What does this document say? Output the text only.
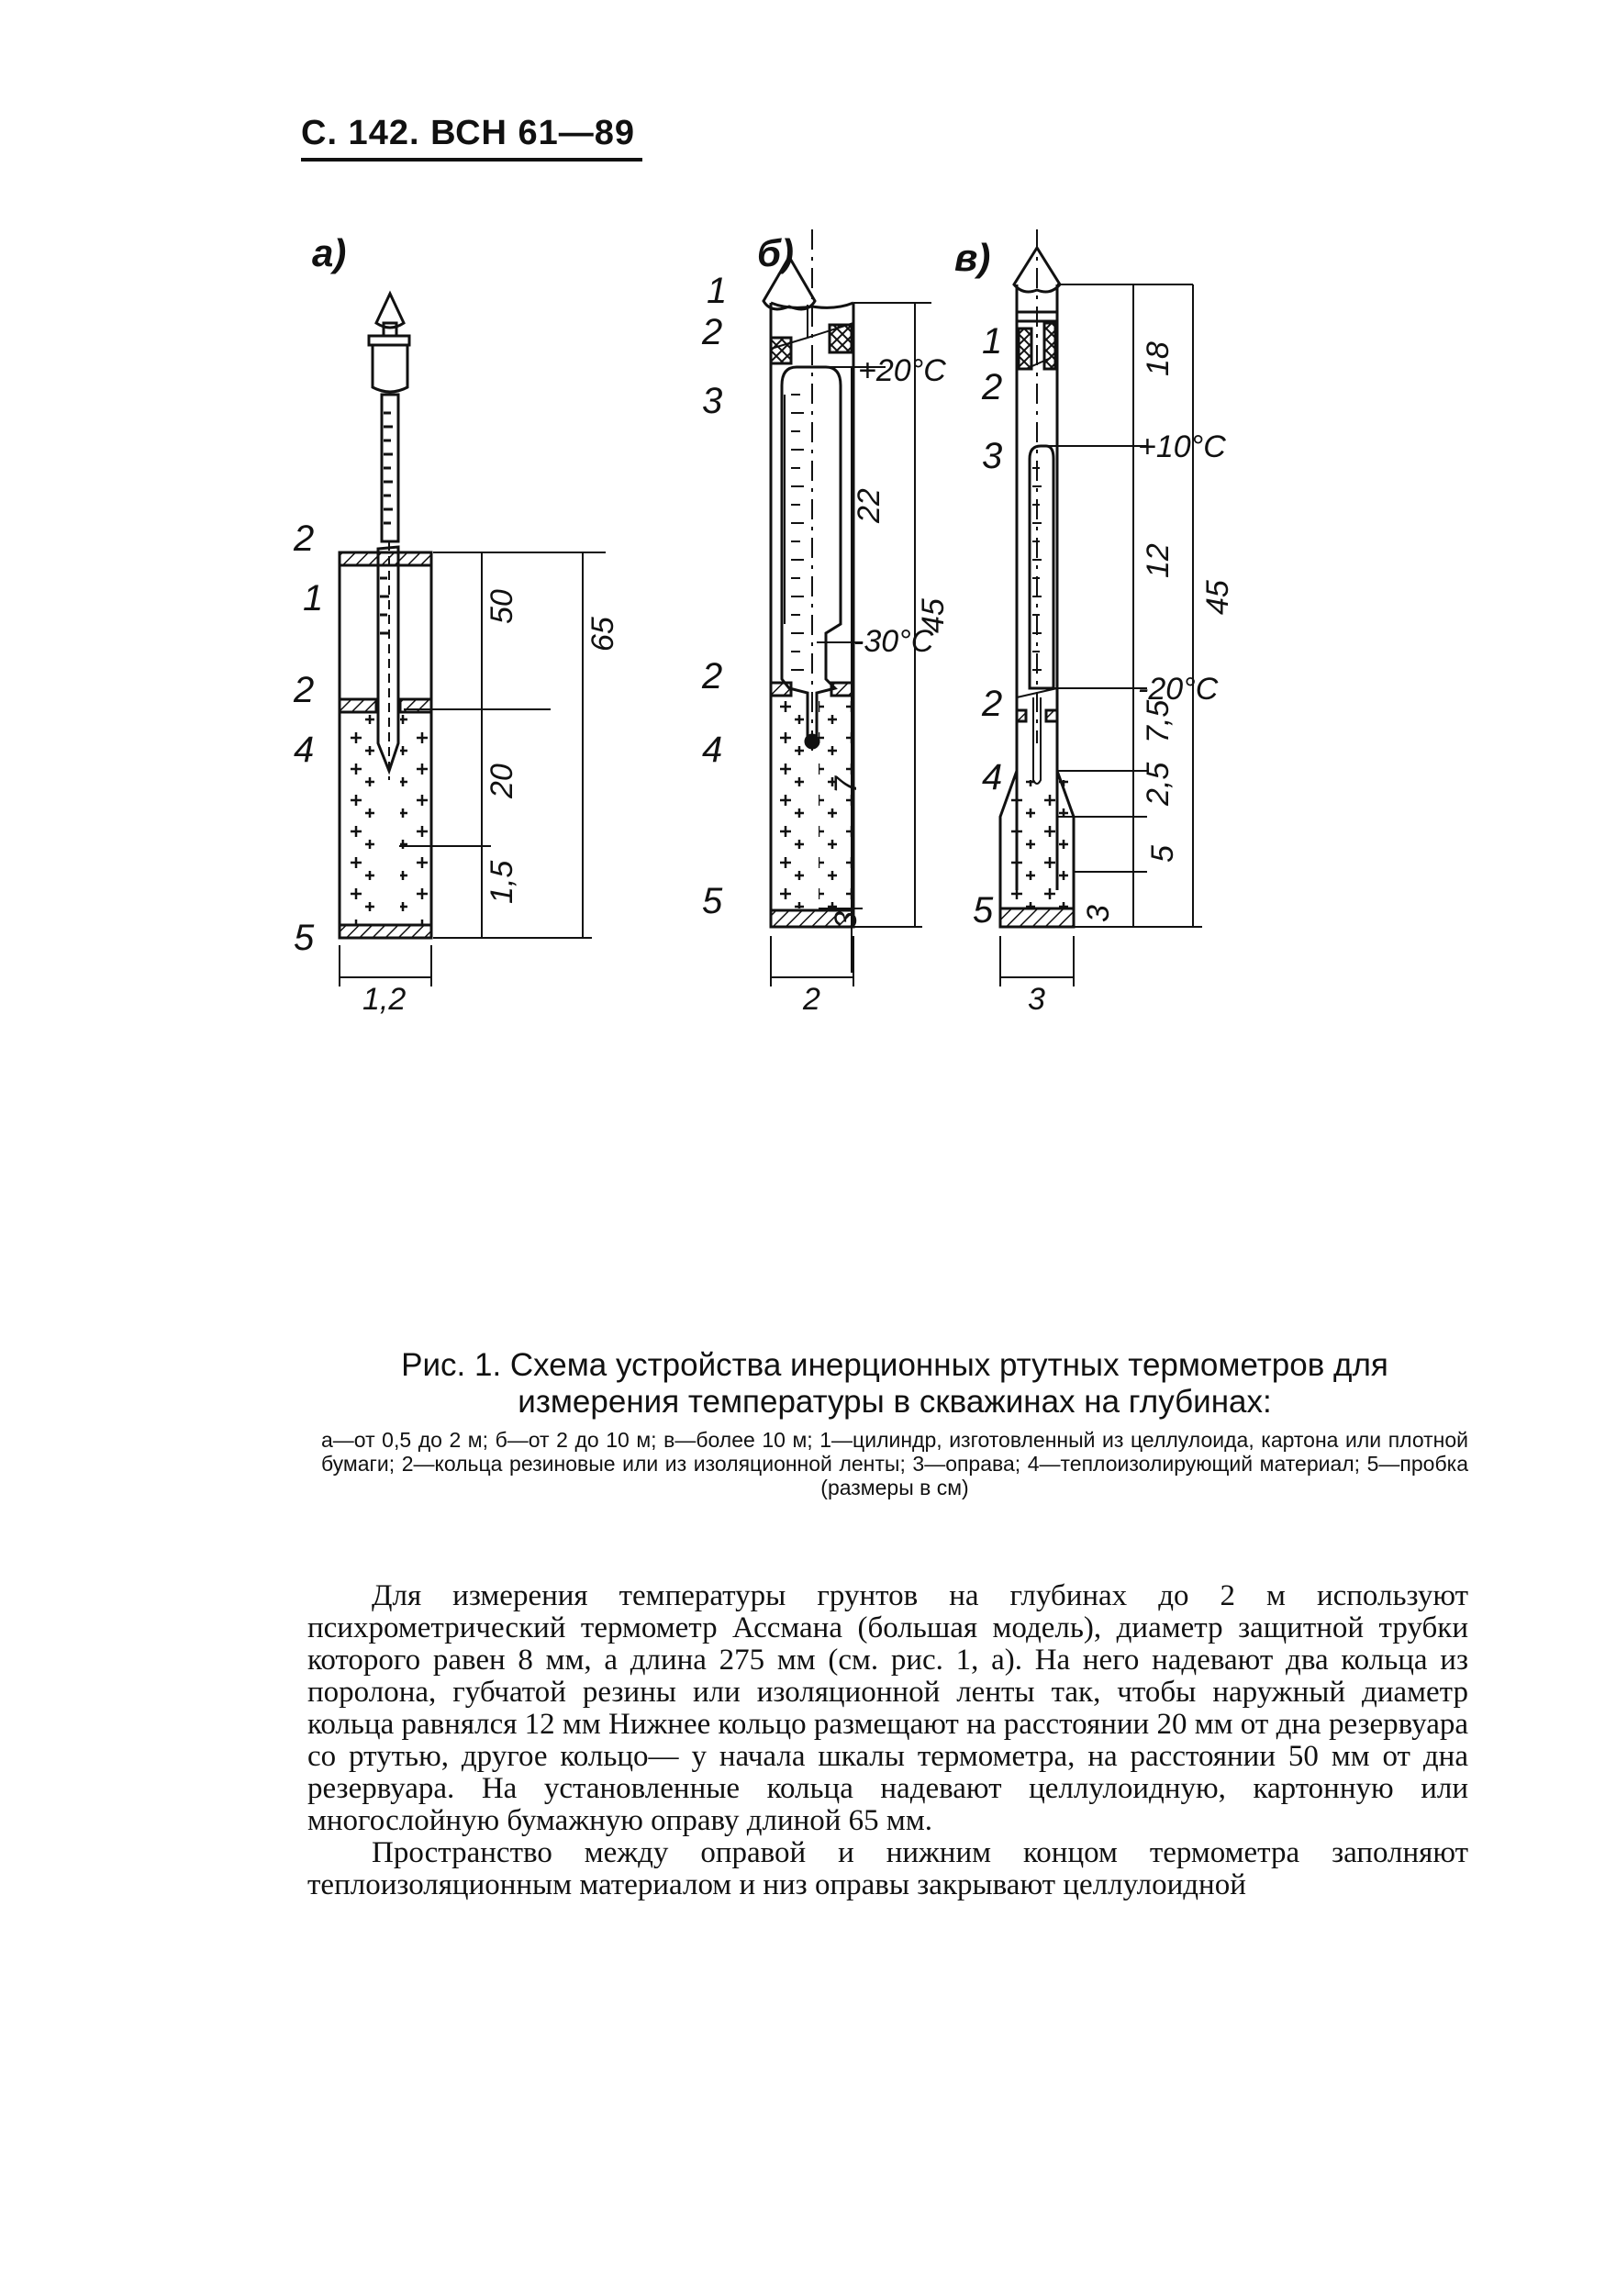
С. 142. ВСН 61—89
а)	б)	в)
2
1
2
4
5
50
65
20
1,5
1,2
1
2
3
2
4
5
+20°С
22
45
-30°С
7
3
2
1
2
3
2
4
5
18
+10°С
12
45
-20°С
7,5
2,5
5
3
3
Рис. 1. Схема устройства инерционных ртутных термометров для измерения температуры в скважинах на глубинах:
а—от 0,5 до 2 м; б—от 2 до 10 м; в—более 10 м; 1—цилиндр, изготовленный из целлулоида, картона или плотной бумаги; 2—кольца резиновые или из изоляционной ленты; 3—оправа; 4—теплоизолирующий материал; 5—пробка (размеры в см)

Для измерения температуры грунтов на глубинах до 2 м используют психрометрический термометр Ассмана (большая модель), диаметр защитной трубки которого равен 8 мм, а длина 275 мм (см. рис. 1, а). На него надевают два кольца из поролона, губчатой резины или изоляционной ленты так, чтобы наружный диаметр кольца равнялся 12 мм Нижнее кольцо размещают на расстоянии 20 мм от дна резервуара со ртутью, другое кольцо— у начала шкалы термометра, на расстоянии 50 мм от дна резервуара. На установленные кольца надевают целлулоидную, картонную или многослойную бумажную оправу длиной 65 мм.

Пространство между оправой и нижним концом термометра заполняют теплоизоляционным материалом и низ оправы закрывают целлулоидной
